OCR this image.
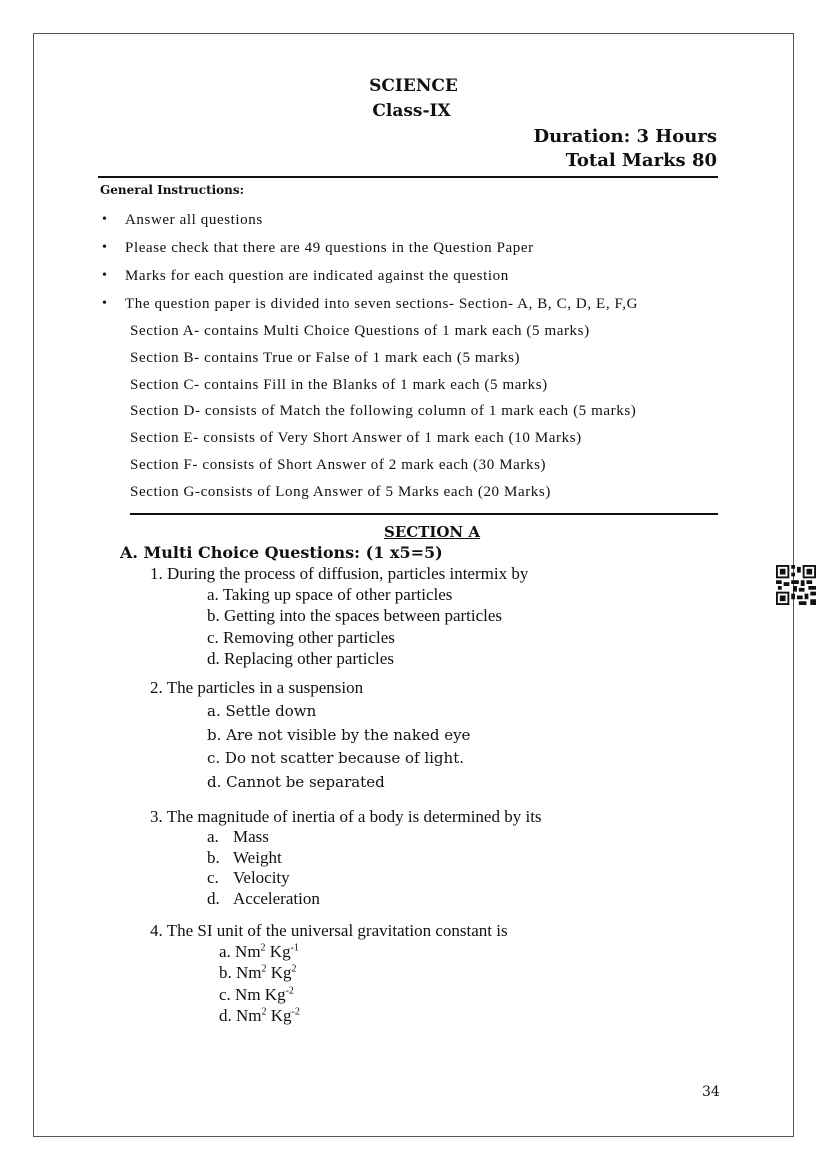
SCIENCE
Class-IX
Duration: 3 Hours
Total Marks 80
General Instructions:
• Answer all questions
• Please check that there are 49 questions in the Question Paper
• Marks for each question are indicated against the question
• The question paper is divided into seven sections- Section- A, B, C, D, E, F,G
Section A- contains Multi Choice Questions of 1 mark each (5 marks)
Section B- contains True or False of 1 mark each (5 marks)
Section C- contains Fill in the Blanks of 1 mark each (5 marks)
Section D- consists of Match the following column of 1 mark each (5 marks)
Section E- consists of Very Short Answer of 1 mark each (10 Marks)
Section F- consists of Short Answer of 2 mark each (30 Marks)
Section G-consists of Long Answer of 5 Marks each (20 Marks)
SECTION A
A. Multi Choice Questions: (1 x5=5)
1. During the process of diffusion, particles intermix by
a. Taking up space of other particles
b. Getting into the spaces between particles
c. Removing other particles
d. Replacing other particles
2. The particles in a suspension
a. Settle down
b. Are not visible by the naked eye
c. Do not scatter because of light.
d. Cannot be separated
3. The magnitude of inertia of a body is determined by its
a. Mass
b. Weight
c. Velocity
d. Acceleration
4. The SI unit of the universal gravitation constant is
a. Nm$^2$ $Kg^{-1}$
b. Nm$^2$ Kg$^2$
c. Nm $Kg^{-2}$
d. Nm$^2$ $Kg^{-2}$
34
